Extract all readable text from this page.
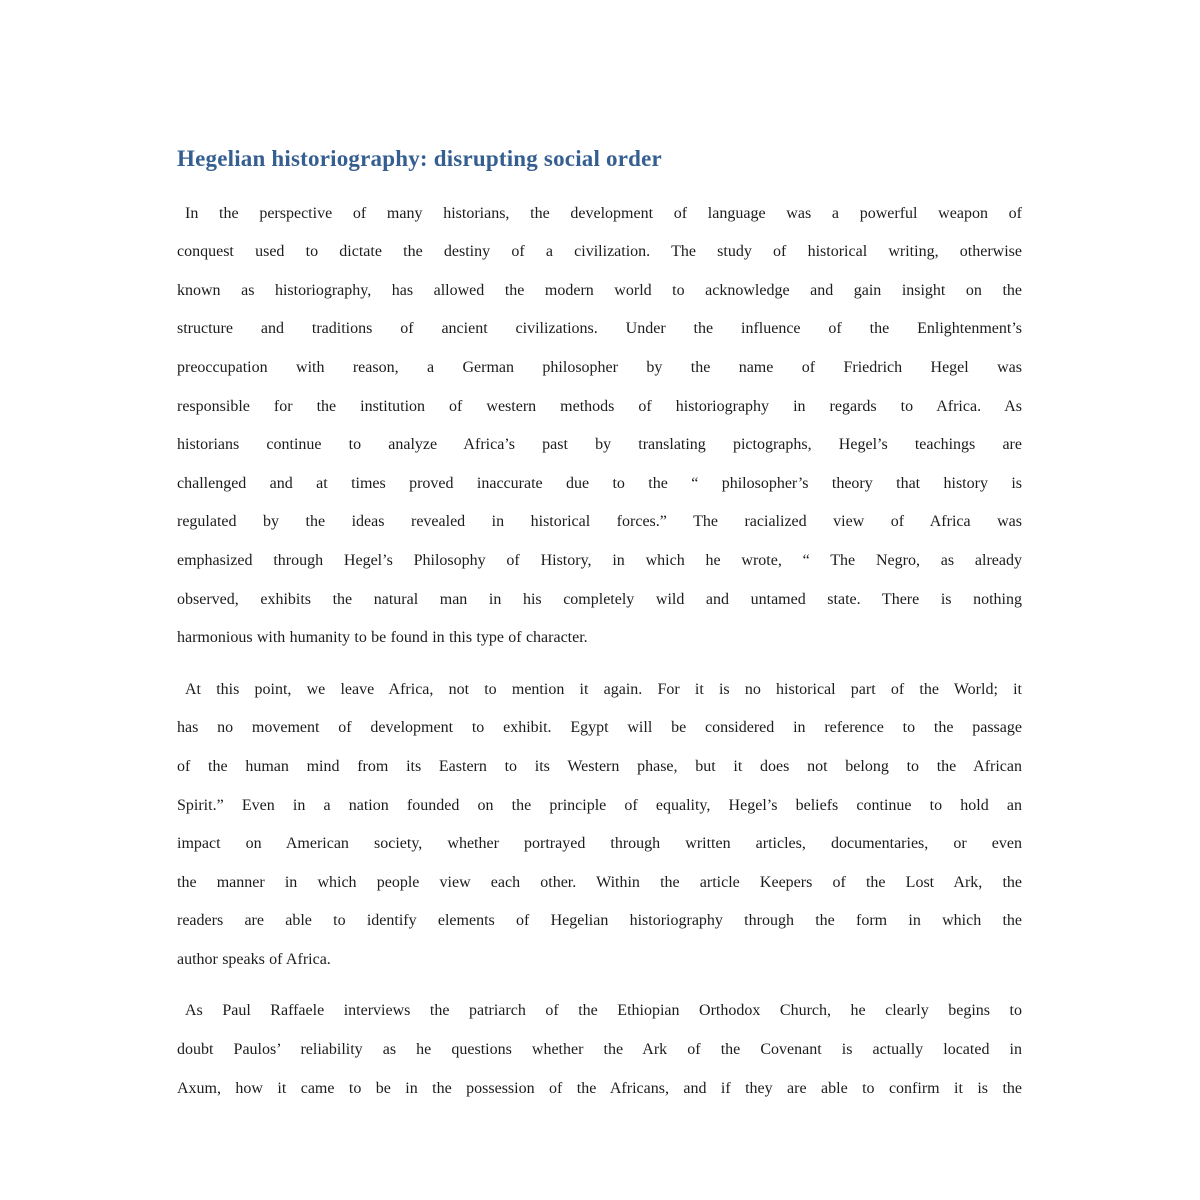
Hegelian historiography: disrupting social order
In the perspective of many historians, the development of language was a powerful weapon of
conquest used to dictate the destiny of a civilization. The study of historical writing, otherwise
known as historiography, has allowed the modern world to acknowledge and gain insight on the
structure and traditions of ancient civilizations. Under the influence of the Enlightenment’s
preoccupation with reason, a German philosopher by the name of Friedrich Hegel was
responsible for the institution of western methods of historiography in regards to Africa. As
historians continue to analyze Africa’s past by translating pictographs, Hegel’s teachings are
challenged and at times proved inaccurate due to the “ philosopher’s theory that history is
regulated by the ideas revealed in historical forces.” The racialized view of Africa was
emphasized through Hegel’s Philosophy of History, in which he wrote, “ The Negro, as already
observed, exhibits the natural man in his completely wild and untamed state. There is nothing
harmonious with humanity to be found in this type of character.
At this point, we leave Africa, not to mention it again. For it is no historical part of the World; it
has no movement of development to exhibit. Egypt will be considered in reference to the passage
of the human mind from its Eastern to its Western phase, but it does not belong to the African
Spirit.” Even in a nation founded on the principle of equality, Hegel’s beliefs continue to hold an
impact on American society, whether portrayed through written articles, documentaries, or even
the manner in which people view each other. Within the article Keepers of the Lost Ark, the
readers are able to identify elements of Hegelian historiography through the form in which the
author speaks of Africa.
As Paul Raffaele interviews the patriarch of the Ethiopian Orthodox Church, he clearly begins to
doubt Paulos’ reliability as he questions whether the Ark of the Covenant is actually located in
Axum, how it came to be in the possession of the Africans, and if they are able to confirm it is the
